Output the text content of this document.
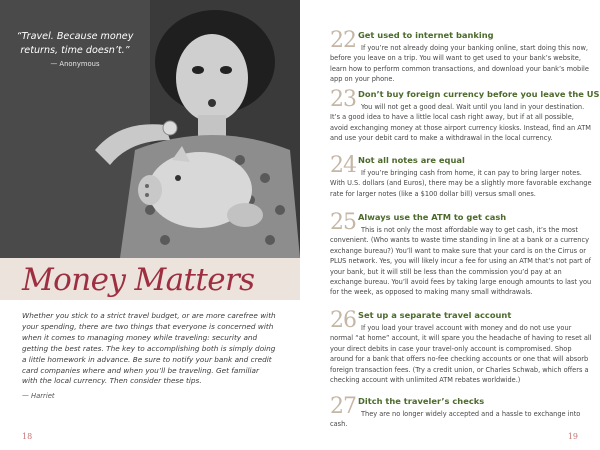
“Travel. Because money returns, time doesn’t.”
— Anonymous
Money Matters
Whether you stick to a strict travel budget, or are more carefree with your spending, there are two things that everyone is concerned with when it comes to managing money while traveling: security and getting the best rates. The key to accomplishing both is simply doing a little homework in advance. Be sure to notify your bank and credit card companies where and when you’ll be traveling. Get familiar with the local currency. Then consider these tips.
— Harriet
18
22 Get used to internet banking
If you’re not already doing your banking online, start doing this now, before you leave on a trip. You will want to get used to your bank’s website, learn how to perform common transactions, and download your bank’s mobile app on your phone.
23 Don’t buy foreign currency before you leave the US
You will not get a good deal. Wait until you land in your destination. It’s a good idea to have a little local cash right away, but if at all possible, avoid exchanging money at those airport currency kiosks. Instead, find an ATM and use your debit card to make a withdrawal in the local currency.
24 Not all notes are equal
If you’re bringing cash from home, it can pay to bring larger notes. With U.S. dollars (and Euros), there may be a slightly more favorable exchange rate for larger notes (like a $100 dollar bill) versus small ones.
25 Always use the ATM to get cash
This is not only the most affordable way to get cash, it’s the most convenient. (Who wants to waste time standing in line at a bank or a currency exchange bureau?) You’ll want to make sure that your card is on the Cirrus or PLUS network. Yes, you will likely incur a fee for using an ATM that’s not part of your bank, but it will still be less than the commission you’d pay at an exchange bureau. You’ll avoid fees by taking large enough amounts to last you for the week, as opposed to making many small withdrawals.
26 Set up a separate travel account
If you load your travel account with money and do not use your normal “at home” account, it will spare you the headache of having to reset all your direct debits in case your travel-only account is compromised. Shop around for a bank that offers no-fee checking accounts or one that will absorb foreign transaction fees. (Try a credit union, or Charles Schwab, which offers a checking account with unlimited ATM rebates worldwide.)
27 Ditch the traveler’s checks
They are no longer widely accepted and a hassle to exchange into cash.
19
